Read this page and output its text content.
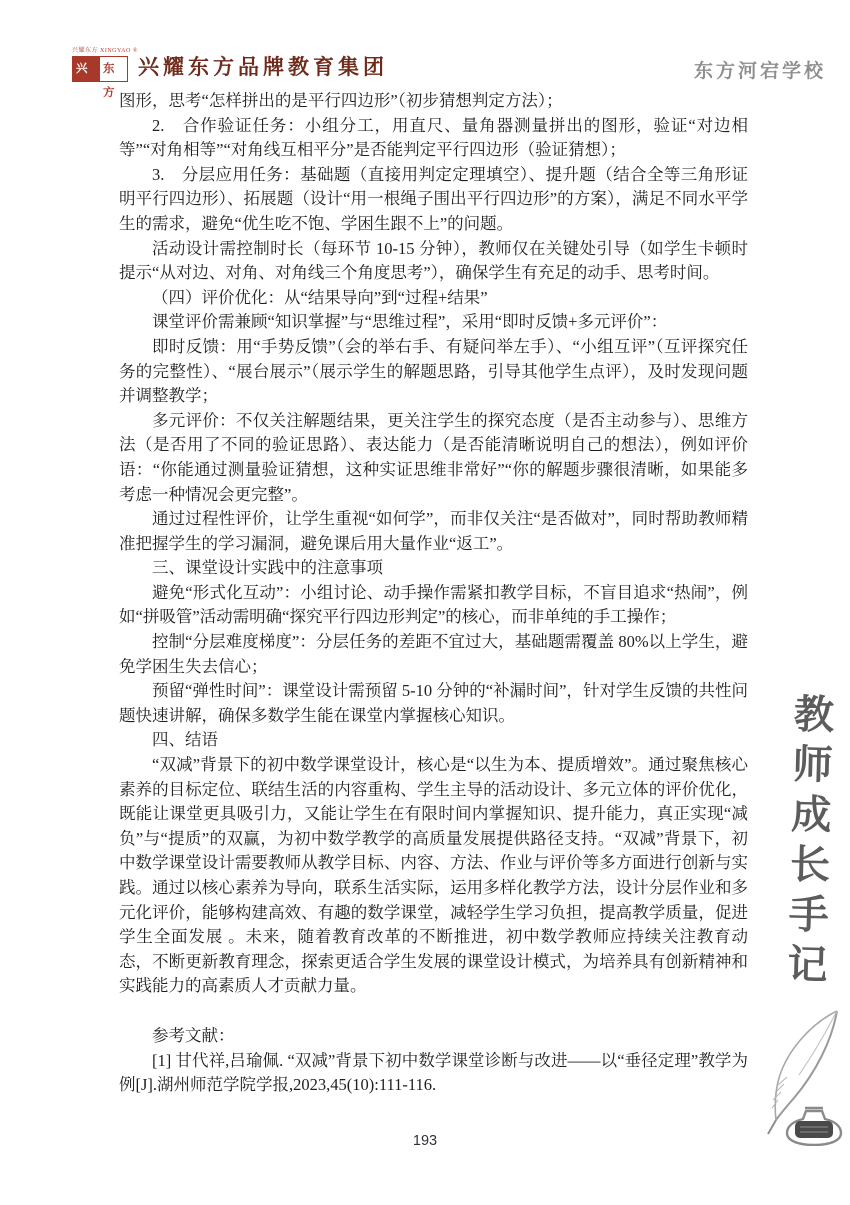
兴耀东方 XINGYAO ®
兴耀
东方
兴耀东方品牌教育集团	东方河宕学校

图形，思考“怎样拼出的是平行四边形”（初步猜想判定方法）；

2.　合作验证任务：小组分工，用直尺、量角器测量拼出的图形，验证“对边相等”“对角相等”“对角线互相平分”是否能判定平行四边形（验证猜想）；

3.　分层应用任务：基础题（直接用判定定理填空）、提升题（结合全等三角形证明平行四边形）、拓展题（设计“用一根绳子围出平行四边形”的方案），满足不同水平学生的需求，避免“优生吃不饱、学困生跟不上”的问题。

活动设计需控制时长（每环节 10-15 分钟），教师仅在关键处引导（如学生卡顿时提示“从对边、对角、对角线三个角度思考”），确保学生有充足的动手、思考时间。

（四）评价优化：从“结果导向”到“过程+结果”

课堂评价需兼顾“知识掌握”与“思维过程”，采用“即时反馈+多元评价”：

即时反馈：用“手势反馈”（会的举右手、有疑问举左手）、“小组互评”（互评探究任务的完整性）、“展台展示”（展示学生的解题思路，引导其他学生点评），及时发现问题并调整教学；

多元评价：不仅关注解题结果，更关注学生的探究态度（是否主动参与）、思维方法（是否用了不同的验证思路）、表达能力（是否能清晰说明自己的想法），例如评价语：“你能通过测量验证猜想，这种实证思维非常好”“你的解题步骤很清晰，如果能多考虑一种情况会更完整”。

通过过程性评价，让学生重视“如何学”，而非仅关注“是否做对”，同时帮助教师精准把握学生的学习漏洞，避免课后用大量作业“返工”。

三、课堂设计实践中的注意事项

避免“形式化互动”：小组讨论、动手操作需紧扣教学目标，不盲目追求“热闹”，例如“拼吸管”活动需明确“探究平行四边形判定”的核心，而非单纯的手工操作；

控制“分层难度梯度”：分层任务的差距不宜过大，基础题需覆盖 80%以上学生，避免学困生失去信心；

预留“弹性时间”：课堂设计需预留 5-10 分钟的“补漏时间”，针对学生反馈的共性问题快速讲解，确保多数学生能在课堂内掌握核心知识。

四、结语

“双减”背景下的初中数学课堂设计，核心是“以生为本、提质增效”。通过聚焦核心素养的目标定位、联结生活的内容重构、学生主导的活动设计、多元立体的评价优化，既能让课堂更具吸引力，又能让学生在有限时间内掌握知识、提升能力，真正实现“减负”与“提质”的双赢，为初中数学教学的高质量发展提供路径支持。“双减”背景下，初中数学课堂设计需要教师从教学目标、内容、方法、作业与评价等多方面进行创新与实践。通过以核心素养为导向，联系生活实际，运用多样化教学方法，设计分层作业和多元化评价，能够构建高效、有趣的数学课堂，减轻学生学习负担，提高教学质量，促进学生全面发展 。未来，随着教育改革的不断推进，初中数学教师应持续关注教育动态，不断更新教育理念，探索更适合学生发展的课堂设计模式，为培养具有创新精神和实践能力的高素质人才贡献力量。

参考文献：

[1] 甘代祥,吕瑜佩. “双减”背景下初中数学课堂诊断与改进——以“垂径定理”教学为例[J].湖州师范学院学报,2023,45(10):111-116.

教师成长手记
193
